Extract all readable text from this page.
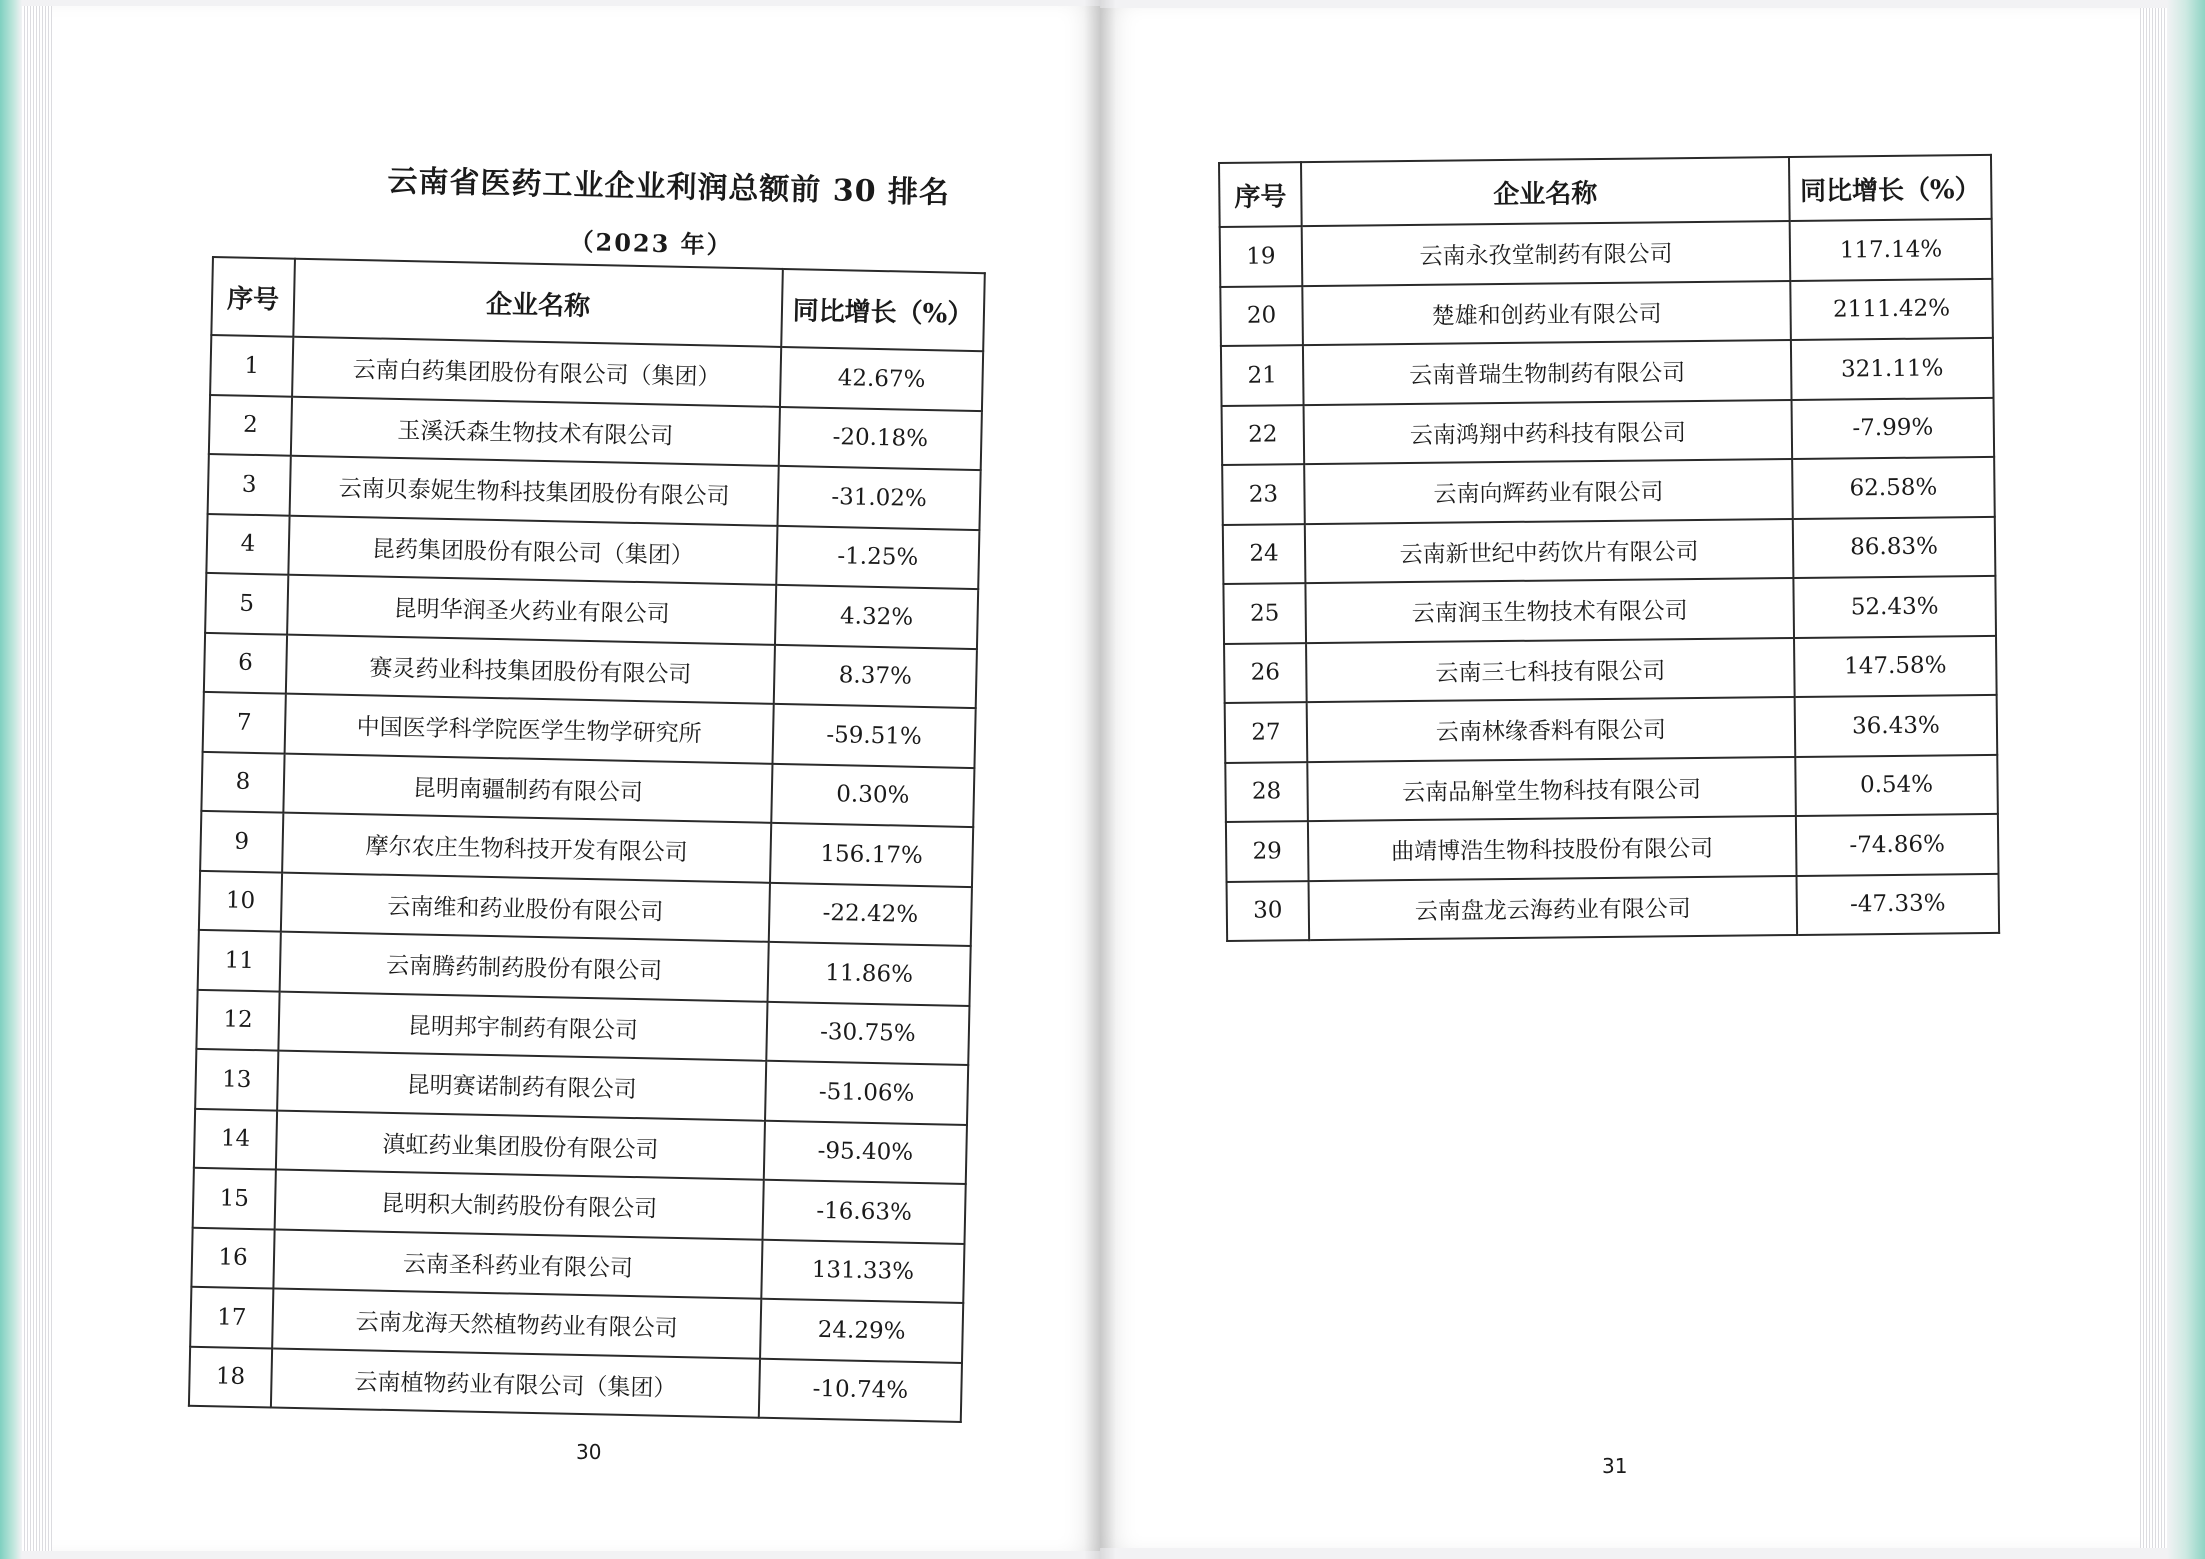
云南省医药工业企业利润总额前 30 排名
（2023 年）
序号	企业名称	同比增长（%）
1	云南白药集团股份有限公司（集团）	42.67%
2	玉溪沃森生物技术有限公司	-20.18%
3	云南贝泰妮生物科技集团股份有限公司	-31.02%
4	昆药集团股份有限公司（集团）	-1.25%
5	昆明华润圣火药业有限公司	4.32%
6	赛灵药业科技集团股份有限公司	8.37%
7	中国医学科学院医学生物学研究所	-59.51%
8	昆明南疆制药有限公司	0.30%
9	摩尔农庄生物科技开发有限公司	156.17%
10	云南维和药业股份有限公司	-22.42%
11	云南腾药制药股份有限公司	11.86%
12	昆明邦宇制药有限公司	-30.75%
13	昆明赛诺制药有限公司	-51.06%
14	滇虹药业集团股份有限公司	-95.40%
15	昆明积大制药股份有限公司	-16.63%
16	云南圣科药业有限公司	131.33%
17	云南龙海天然植物药业有限公司	24.29%
18	云南植物药业有限公司（集团）	-10.74%
30
序号	企业名称	同比增长（%）
19	云南永孜堂制药有限公司	117.14%
20	楚雄和创药业有限公司	2111.42%
21	云南普瑞生物制药有限公司	321.11%
22	云南鸿翔中药科技有限公司	-7.99%
23	云南向辉药业有限公司	62.58%
24	云南新世纪中药饮片有限公司	86.83%
25	云南润玉生物技术有限公司	52.43%
26	云南三七科技有限公司	147.58%
27	云南林缘香料有限公司	36.43%
28	云南品斛堂生物科技有限公司	0.54%
29	曲靖博浩生物科技股份有限公司	-74.86%
30	云南盘龙云海药业有限公司	-47.33%
31
